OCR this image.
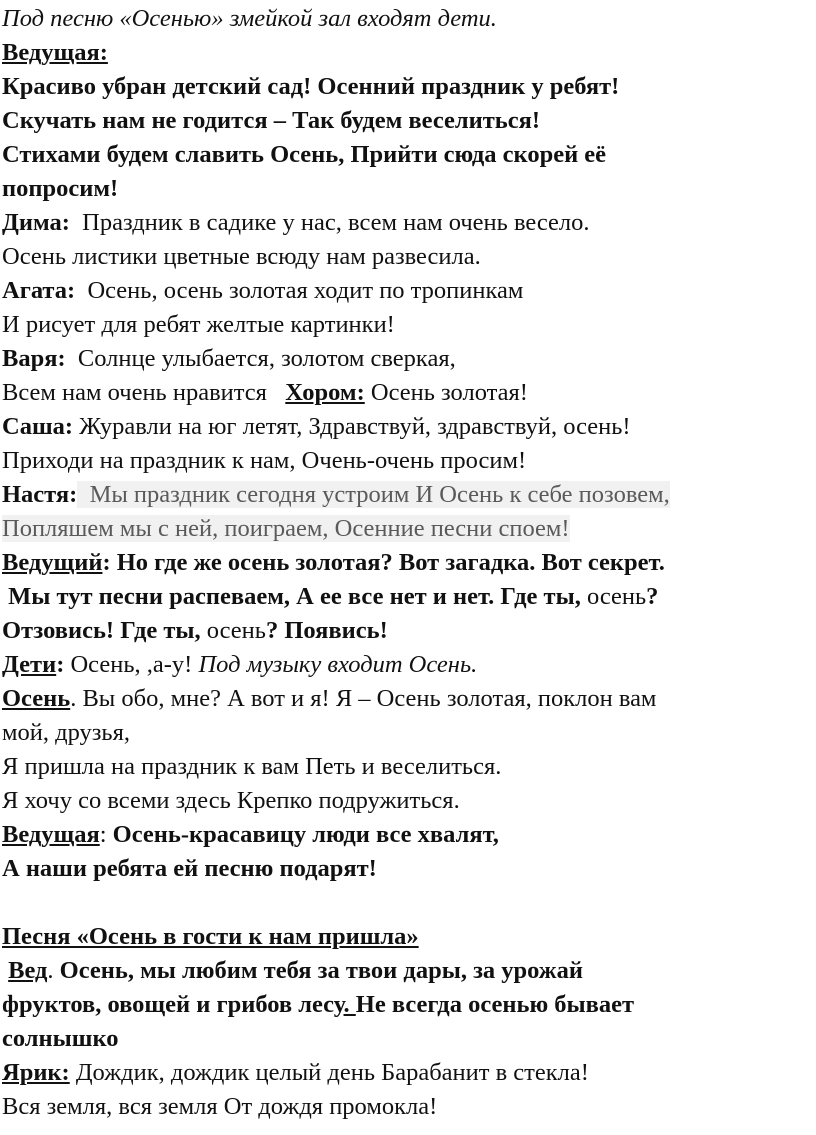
Под песню «Осенью» змейкой зал входят дети.
Ведущая:
Красиво убран детский сад! Осенний праздник у ребят!
Скучать нам не годится – Так будем веселиться!
Стихами будем славить Осень, Прийти сюда скорей её
попросим!
Дима:  Праздник в садике у нас, всем нам очень весело.
Осень листики цветные всюду нам развесила.
Агата:  Осень, осень золотая ходит по тропинкам
И рисует для ребят желтые картинки!
Варя:  Солнце улыбается, золотом сверкая,
Всем нам очень нравится   Хором: Осень золотая!
Саша: Журавли на юг летят, Здравствуй, здравствуй, осень!
Приходи на праздник к нам, Очень-очень просим!
Настя:  Мы праздник сегодня устроим И Осень к себе позовем,
Попляшем мы с ней, поиграем, Осенние песни споем!
Ведущий: Но где же осень золотая? Вот загадка. Вот секрет.
Мы тут песни распеваем, А ее все нет и нет. Где ты, осень?
Отзовись! Где ты, осень? Появись!
Дети: Осень, ,а-у! Под музыку входит Осень.
Осень. Вы обо, мне? А вот и я! Я – Осень золотая, поклон вам
мой, друзья,
Я пришла на праздник к вам Петь и веселиться.
Я хочу со всеми здесь Крепко подружиться.
Ведущая: Осень-красавицу люди все хвалят,
А наши ребята ей песню подарят!
Песня «Осень в гости к нам пришла»
Вед. Осень, мы любим тебя за твои дары, за урожай
фруктов, овощей и грибов лесу. Не всегда осенью бывает
солнышко
Ярик: Дождик, дождик целый день Барабанит в стекла!
Вся земля, вся земля От дождя промокла!
